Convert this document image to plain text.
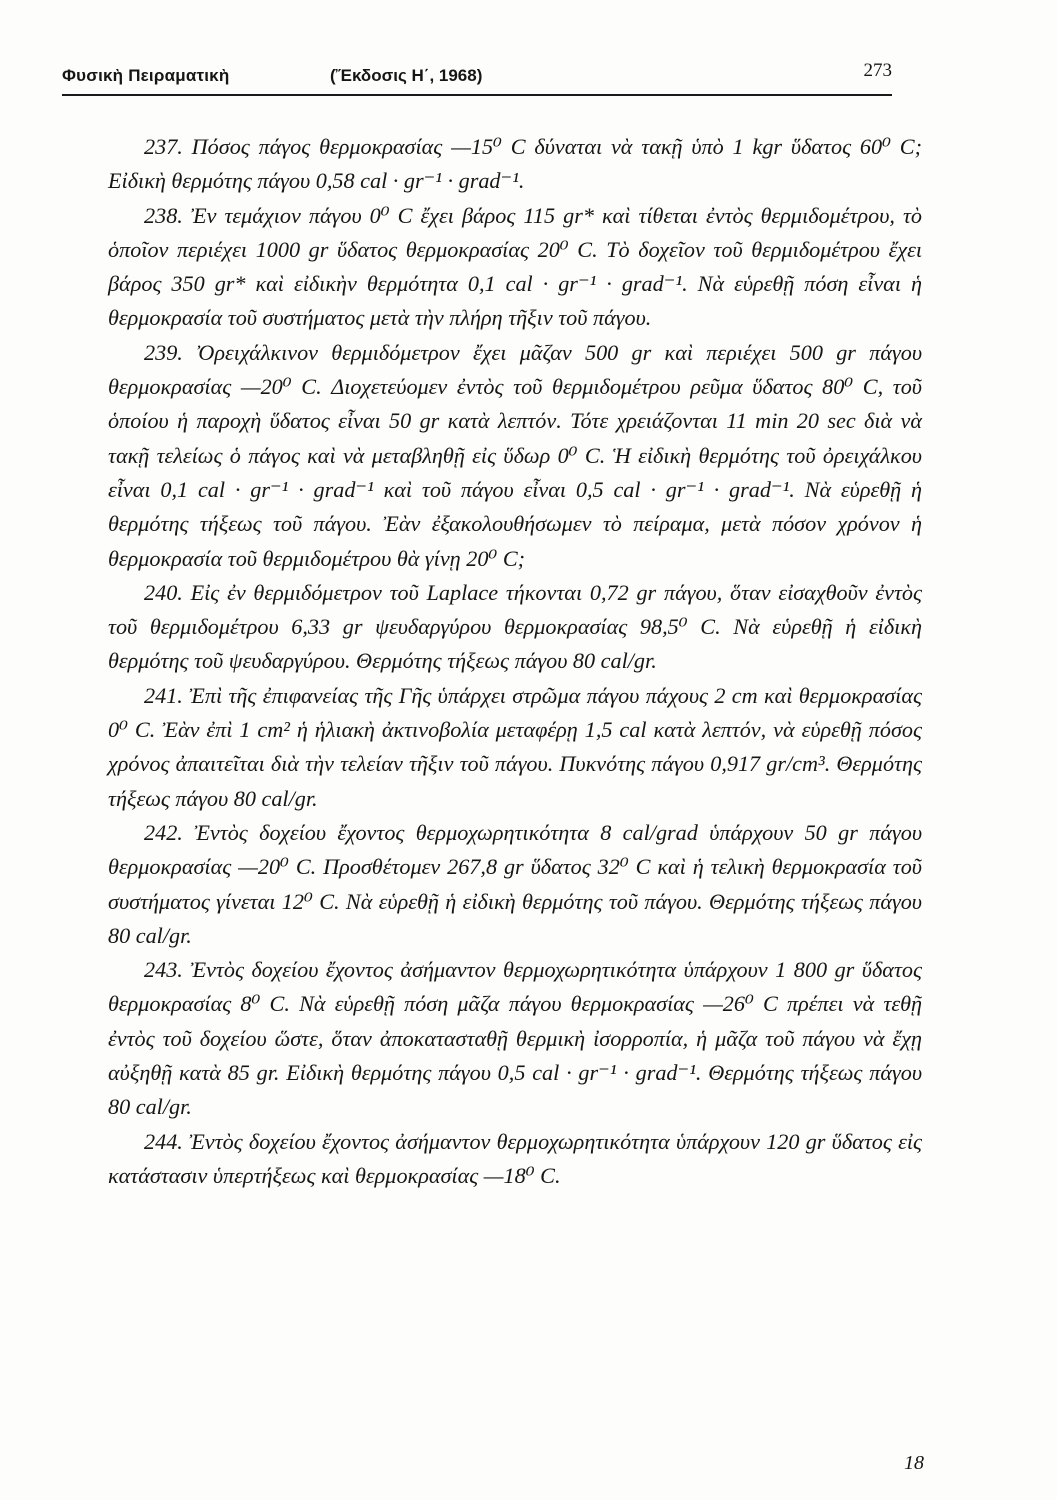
Φυσικὴ Πειραματικὴ	(Ἔκδοσις Η΄, 1968)	273

237. Πόσος πάγος θερμοκρασίας —15⁰ C δύναται νὰ τακῇ ὑπὸ 1 kgr ὕδατος 60⁰ C; Εἰδικὴ θερμότης πάγου 0,58 cal · gr⁻¹ · grad⁻¹.

238. Ἐν τεμάχιον πάγου 0⁰ C ἔχει βάρος 115 gr* καὶ τίθεται ἐντὸς θερμιδομέτρου, τὸ ὁποῖον περιέχει 1000 gr ὕδατος θερμοκρασίας 20⁰ C. Τὸ δοχεῖον τοῦ θερμιδομέτρου ἔχει βάρος 350 gr* καὶ εἰδικὴν θερμότητα 0,1 cal · gr⁻¹ · grad⁻¹. Νὰ εὑρεθῇ πόση εἶναι ἡ θερμοκρασία τοῦ συστήματος μετὰ τὴν πλήρη τῆξιν τοῦ πάγου.

239. Ὀρειχάλκινον θερμιδόμετρον ἔχει μᾶζαν 500 gr καὶ περιέχει 500 gr πάγου θερμοκρασίας —20⁰ C. Διοχετεύομεν ἐντὸς τοῦ θερμιδομέτρου ρεῦμα ὕδατος 80⁰ C, τοῦ ὁποίου ἡ παροχὴ ὕδατος εἶναι 50 gr κατὰ λεπτόν. Τότε χρειάζονται 11 min 20 sec διὰ νὰ τακῇ τελείως ὁ πάγος καὶ νὰ μεταβληθῇ εἰς ὕδωρ 0⁰ C. Ἡ εἰδικὴ θερμότης τοῦ ὀρειχάλκου εἶναι 0,1 cal · gr⁻¹ · grad⁻¹ καὶ τοῦ πάγου εἶναι 0,5 cal · gr⁻¹ · grad⁻¹. Νὰ εὑρεθῇ ἡ θερμότης τήξεως τοῦ πάγου. Ἐὰν ἐξακολουθήσωμεν τὸ πείραμα, μετὰ πόσον χρόνον ἡ θερμοκρασία τοῦ θερμιδομέτρου θὰ γίνῃ 20⁰ C;

240. Εἰς ἐν θερμιδόμετρον τοῦ Laplace τήκονται 0,72 gr πάγου, ὅταν εἰσαχθοῦν ἐντὸς τοῦ θερμιδομέτρου 6,33 gr ψευδαργύρου θερμοκρασίας 98,5⁰ C. Νὰ εὑρεθῇ ἡ εἰδικὴ θερμότης τοῦ ψευδαργύρου. Θερμότης τήξεως πάγου 80 cal/gr.

241. Ἐπὶ τῆς ἐπιφανείας τῆς Γῆς ὑπάρχει στρῶμα πάγου πάχους 2 cm καὶ θερμοκρασίας 0⁰ C. Ἐὰν ἐπὶ 1 cm² ἡ ἡλιακὴ ἀκτινοβολία μεταφέρῃ 1,5 cal κατὰ λεπτόν, νὰ εὑρεθῇ πόσος χρόνος ἀπαιτεῖται διὰ τὴν τελείαν τῆξιν τοῦ πάγου. Πυκνότης πάγου 0,917 gr/cm³. Θερμότης τήξεως πάγου 80 cal/gr.

242. Ἐντὸς δοχείου ἔχοντος θερμοχωρητικότητα 8 cal/grad ὑπάρχουν 50 gr πάγου θερμοκρασίας —20⁰ C. Προσθέτομεν 267,8 gr ὕδατος 32⁰ C καὶ ἡ τελικὴ θερμοκρασία τοῦ συστήματος γίνεται 12⁰ C. Νὰ εὑρεθῇ ἡ εἰδικὴ θερμότης τοῦ πάγου. Θερμότης τήξεως πάγου 80 cal/gr.

243. Ἐντὸς δοχείου ἔχοντος ἀσήμαντον θερμοχωρητικότητα ὑπάρχουν 1 800 gr ὕδατος θερμοκρασίας 8⁰ C. Νὰ εὑρεθῇ πόση μᾶζα πάγου θερμοκρασίας —26⁰ C πρέπει νὰ τεθῇ ἐντὸς τοῦ δοχείου ὥστε, ὅταν ἀποκατασταθῇ θερμικὴ ἰσορροπία, ἡ μᾶζα τοῦ πάγου νὰ ἔχῃ αὐξηθῇ κατὰ 85 gr. Εἰδικὴ θερμότης πάγου 0,5 cal · gr⁻¹ · grad⁻¹. Θερμότης τήξεως πάγου 80 cal/gr.

244. Ἐντὸς δοχείου ἔχοντος ἀσήμαντον θερμοχωρητικότητα ὑπάρχουν 120 gr ὕδατος εἰς κατάστασιν ὑπερτήξεως καὶ θερμοκρασίας —18⁰ C.

18
